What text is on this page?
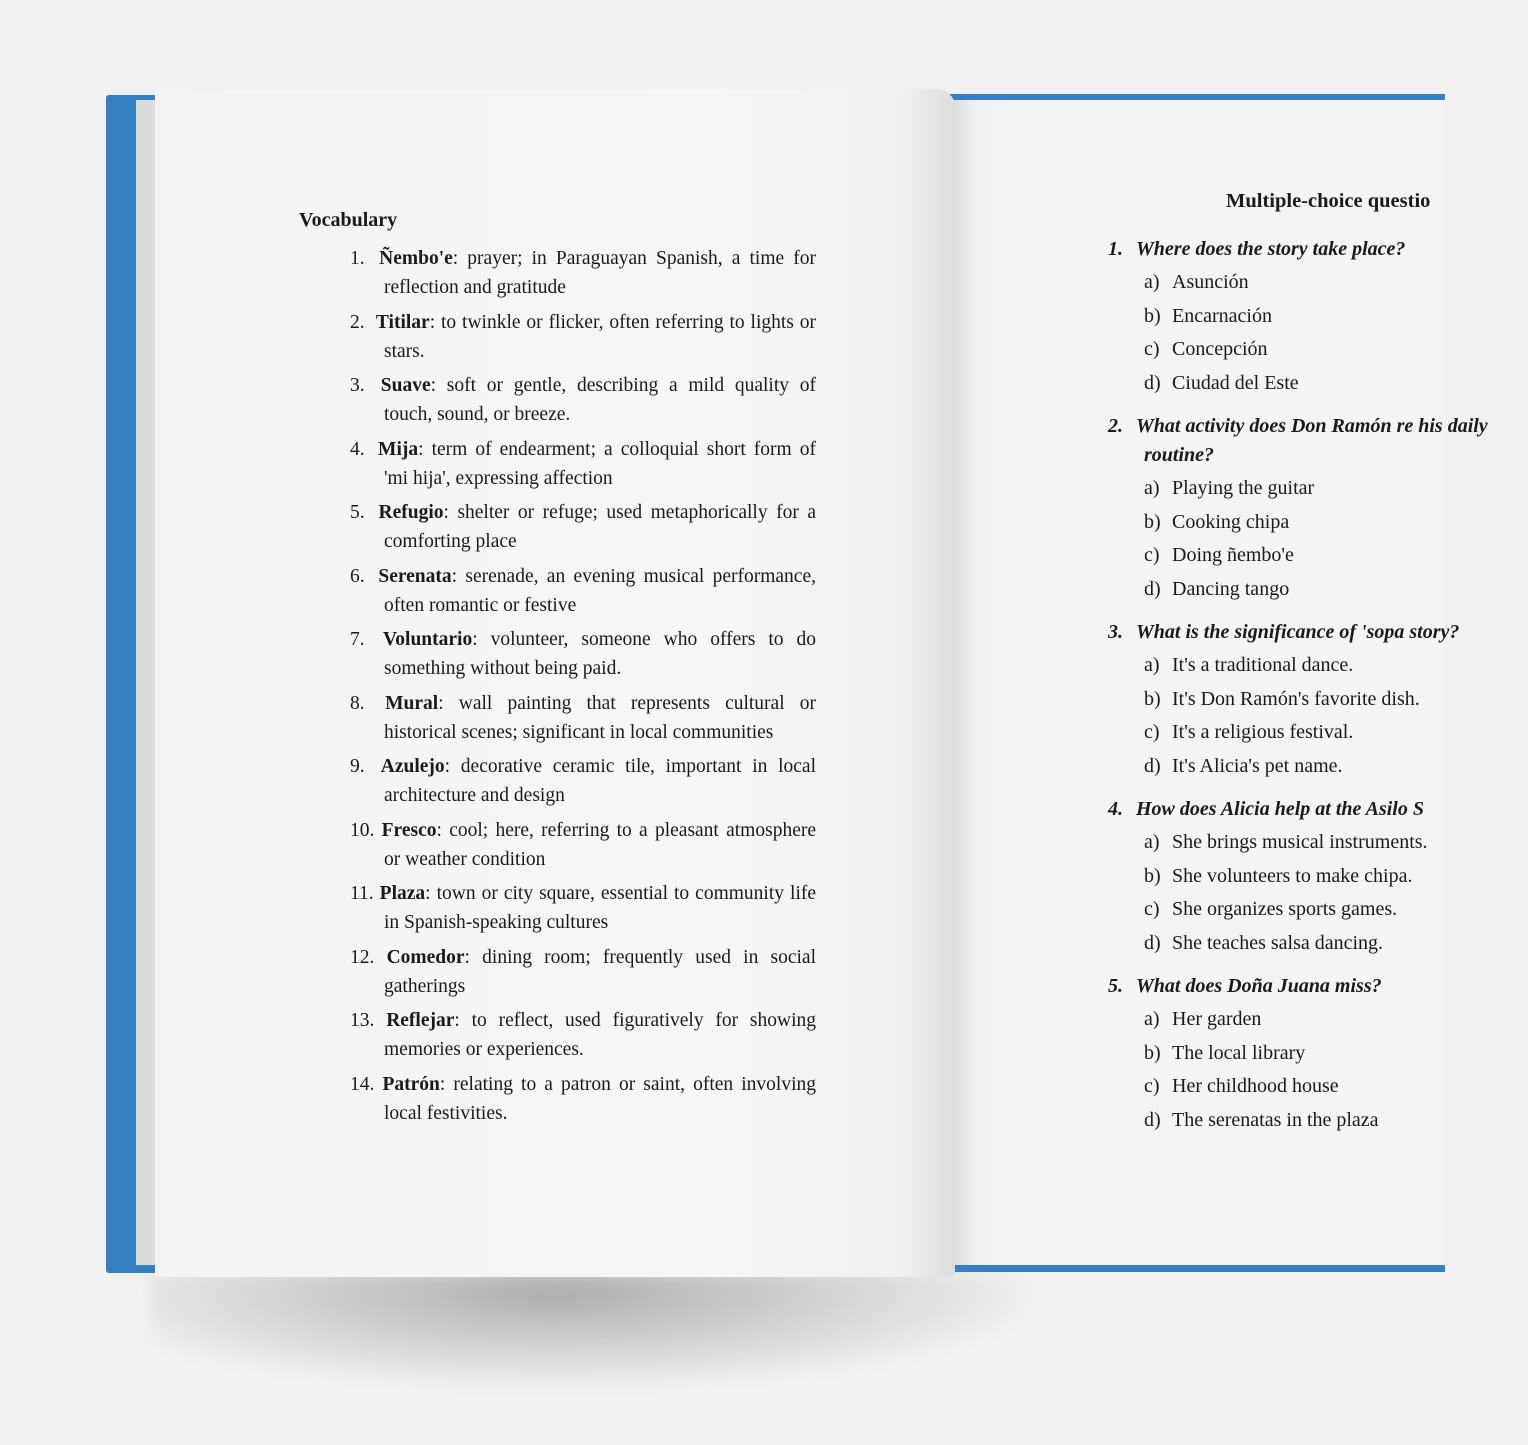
Vocabulary
1. Ñembo'e: prayer; in Paraguayan Spanish, a time for reflection and gratitude
2. Titilar: to twinkle or flicker, often referring to lights or stars.
3. Suave: soft or gentle, describing a mild quality of touch, sound, or breeze.
4. Mija: term of endearment; a colloquial short form of 'mi hija', expressing affection
5. Refugio: shelter or refuge; used metaphorically for a comforting place
6. Serenata: serenade, an evening musical performance, often romantic or festive
7. Voluntario: volunteer, someone who offers to do something without being paid.
8. Mural: wall painting that represents cultural or historical scenes; significant in local communities
9. Azulejo: decorative ceramic tile, important in local architecture and design
10. Fresco: cool; here, referring to a pleasant atmosphere or weather condition
11. Plaza: town or city square, essential to community life in Spanish-speaking cultures
12. Comedor: dining room; frequently used in social gatherings
13. Reflejar: to reflect, used figuratively for showing memories or experiences.
14. Patrón: relating to a patron or saint, often involving local festivities.
Multiple-choice questio
1. Where does the story take place?
a) Asunción
b) Encarnación
c) Concepción
d) Ciudad del Este
2. What activity does Don Ramón re his daily routine?
a) Playing the guitar
b) Cooking chipa
c) Doing ñembo'e
d) Dancing tango
3. What is the significance of 'sopa story?
a) It's a traditional dance.
b) It's Don Ramón's favorite dish.
c) It's a religious festival.
d) It's Alicia's pet name.
4. How does Alicia help at the Asilo S
a) She brings musical instruments.
b) She volunteers to make chipa.
c) She organizes sports games.
d) She teaches salsa dancing.
5. What does Doña Juana miss?
a) Her garden
b) The local library
c) Her childhood house
d) The serenatas in the plaza
